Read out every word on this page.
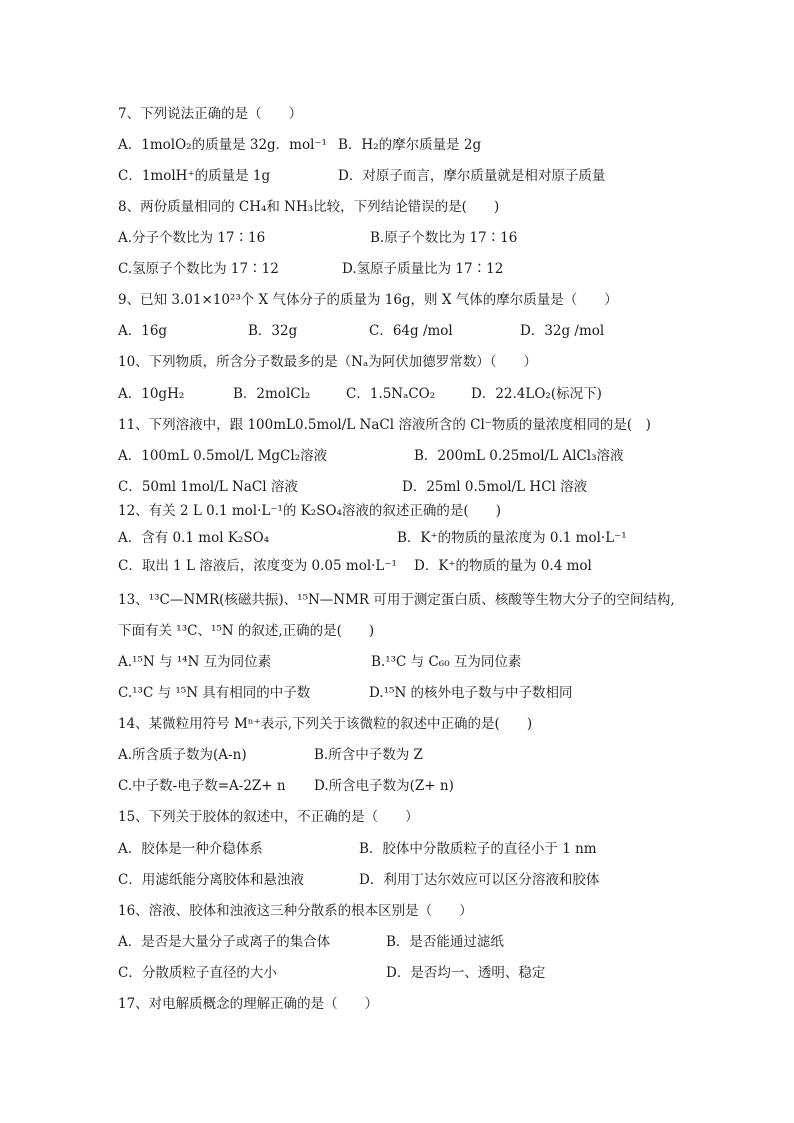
7、下列说法正确的是（　　）
A．1molO₂的质量是 32g．mol⁻¹ B．H₂的摩尔质量是 2g
C．1molH⁺的质量是 1g	D．对原子而言，摩尔质量就是相对原子质量
8、两份质量相同的 CH₄和 NH₃比较，下列结论错误的是(　　)
A.分子个数比为 17∶16	B.原子个数比为 17∶16
C.氢原子个数比为 17∶12	D.氢原子质量比为 17∶12
9、已知 3.01×10²³个 X 气体分子的质量为 16g，则 X 气体的摩尔质量是（　　）
A．16g	B．32g	C．64g /mol	D．32g /mol
10、下列物质，所含分子数最多的是（Nₐ为阿伏加德罗常数）（　　）
A．10gH₂	B．2molCl₂	C．1.5NₐCO₂	D．22.4LO₂(标况下)
11、下列溶液中，跟 100mL0.5mol/L NaCl 溶液所含的 Cl⁻物质的量浓度相同的是(　)
A．100mL 0.5mol/L MgCl₂溶液	B．200mL 0.25mol/L AlCl₃溶液
C．50ml 1mol/L NaCl 溶液	D．25ml 0.5mol/L HCl 溶液
12、有关 2 L 0.1 mol·L⁻¹的 K₂SO₄溶液的叙述正确的是(　　)
A．含有 0.1 mol K₂SO₄	B．K⁺的物质的量浓度为 0.1 mol·L⁻¹
C．取出 1 L 溶液后，浓度变为 0.05 mol·L⁻¹ D．K⁺的物质的量为 0.4 mol
13、¹³C—NMR(核磁共振)、¹⁵N—NMR 可用于测定蛋白质、核酸等生物大分子的空间结构,
下面有关 ¹³C、¹⁵N 的叙述,正确的是(　　)
A.¹⁵N 与 ¹⁴N 互为同位素	B.¹³C 与 C₆₀ 互为同位素
C.¹³C 与 ¹⁵N 具有相同的中子数	D.¹⁵N 的核外电子数与中子数相同
14、某微粒用符号 Mⁿ⁺表示,下列关于该微粒的叙述中正确的是(　　)
A.所含质子数为(A-n)	B.所含中子数为 Z
C.中子数-电子数=A-2Z+ n D.所含电子数为(Z+ n)
15、下列关于胶体的叙述中，不正确的是（　　）
A．胶体是一种介稳体系	B．胶体中分散质粒子的直径小于 1 nm
C．用滤纸能分离胶体和悬浊液	D．利用丁达尔效应可以区分溶液和胶体
16、溶液、胶体和浊液这三种分散系的根本区别是（　　）
A．是否是大量分子或离子的集合体	B．是否能通过滤纸
C．分散质粒子直径的大小	D．是否均一、透明、稳定
17、对电解质概念的理解正确的是（　　）
